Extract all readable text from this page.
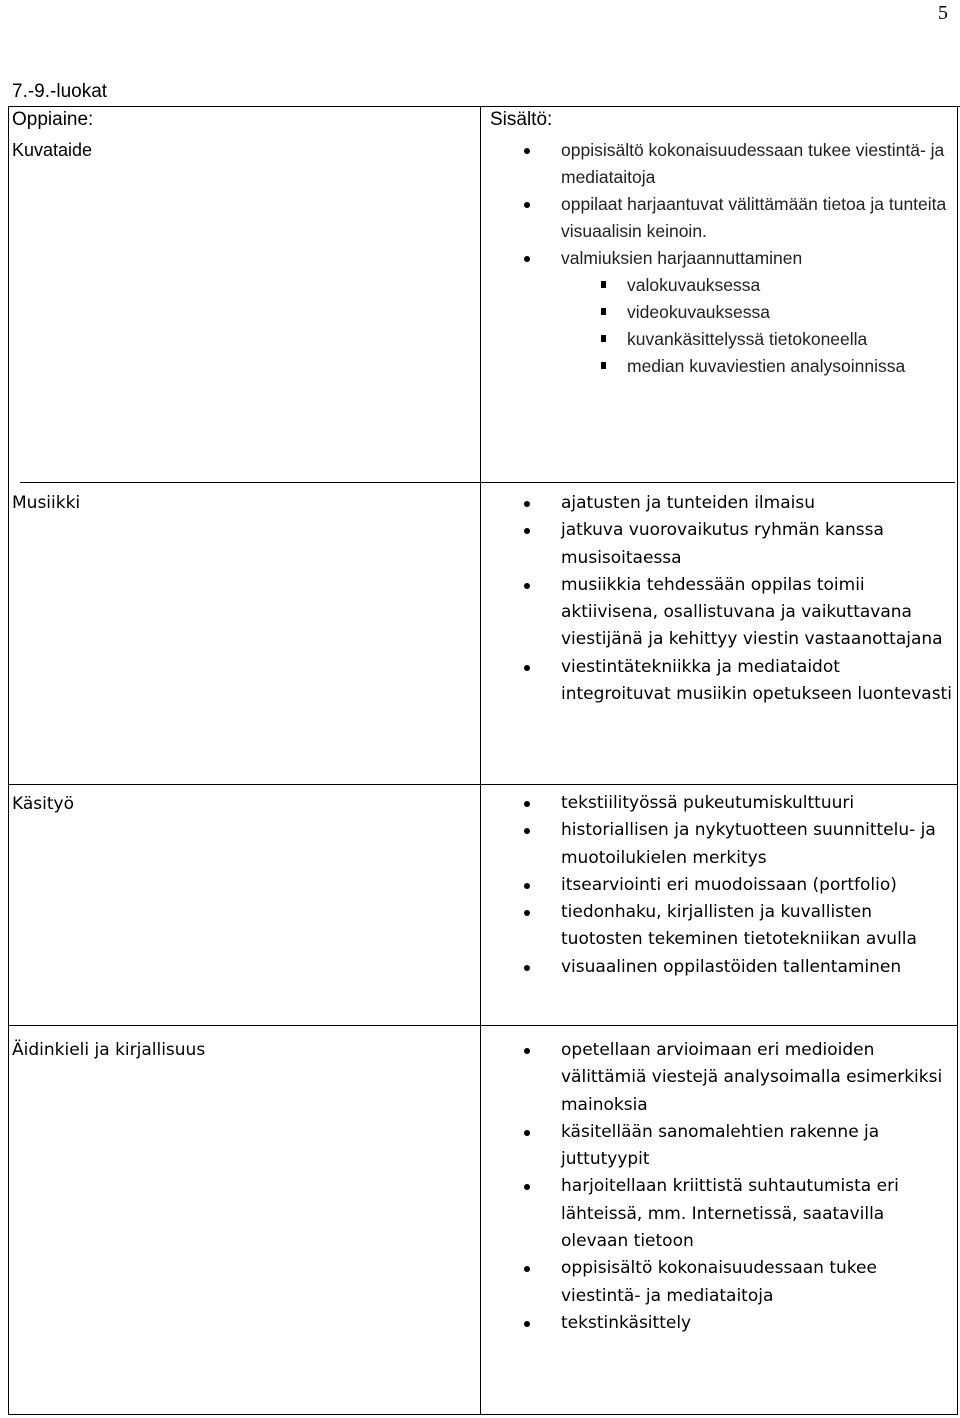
5
7.-9.-luokat
Oppiaine:	Sisältö:
Kuvataide	oppisisältö kokonaisuudessaan tukee viestintä- ja mediataitoja
oppilaat harjaantuvat välittämään tietoa ja tunteita visuaalisin keinoin.
valmiuksien harjaannuttaminen
valokuvauksessa
videokuvauksessa
kuvankäsittelyssä tietokoneella
median kuvaviestien analysoinnissa
Musiikki	ajatusten ja tunteiden ilmaisu
jatkuva vuorovaikutus ryhmän kanssa musisoitaessa
musiikkia tehdessään oppilas toimii aktiivisena, osallistuvana ja vaikuttavana viestijänä ja kehittyy viestin vastaanottajana
viestintätekniikka ja mediataidot integroituvat musiikin opetukseen luontevasti
Käsityö	tekstiilityössä pukeutumiskulttuuri
historiallisen ja nykytuotteen suunnittelu- ja muotoilukielen merkitys
itsearviointi eri muodoissaan (portfolio)
tiedonhaku, kirjallisten ja kuvallisten tuotosten tekeminen tietotekniikan avulla
visuaalinen oppilastöiden tallentaminen
Äidinkieli ja kirjallisuus	opetellaan arvioimaan eri medioiden välittämiä viestejä analysoimalla esimerkiksi mainoksia
käsitellään sanomalehtien rakenne ja juttutyypit
harjoitellaan kriittistä suhtautumista eri lähteissä, mm. Internetissä, saatavilla olevaan tietoon
oppisisältö kokonaisuudessaan tukee viestintä- ja mediataitoja
tekstinkäsittely
